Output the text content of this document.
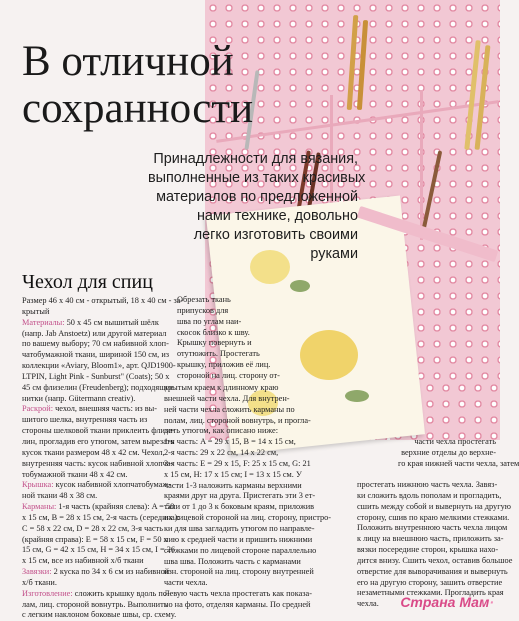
В отличной
сохранности
Принадлежности для вязания,
выполненные из таких красивых
материалов по предложенной
нами технике, довольно
легко изготовить своими
руками
Чехол для спиц
Размер 46 х 40 см - открытый, 18 х 40 см - за-
крытый
Материалы: 50 х 45 см вышитый шёлк
(напр. Jab Anstoetz) или другой материал
по вашему выбору; 70 см набивной хлоп-
чатобумажной ткани, шириной 150 см, из
коллекции «Aviary, Bloom1», арт. QJD1900-
LTPIN, Light Pink - Sunburst" (Coats); 50 х
45 см флизелин (Freudenberg); подходящие
нитки (напр. Gütermann creativ).
Раскрой: чехол, внешняя часть: из вы-
шитого шелка, внутренняя часть из
стороны шелковой ткани приклеить флизе-
лин, прогладив его утюгом, затем вырезать
кусок ткани размером 48 х 42 см. Чехол,
внутренняя часть: кусок набивной хлопча-
тобумажной ткани 48 х 42 см.
Крышка: кусок набивной хлопчатобумаж-
ной ткани 48 х 38 см.
Карманы: 1-я часть (крайняя слева): A = 58
х 15 см, B = 28 х 15 см, 2-я часть (середина):
C = 58 х 22 см, D = 28 х 22 см, 3-я часть
(крайняя справа): E = 58 х 15 см, F = 50 х
15 см, G = 42 х 15 см, H = 34 х 15 см, I = 26
х 15 см, все из набивной х/б ткани
Завязки: 2 куска по 34 х 6 см из набивной
х/б ткани.
Изготовление: сложить крышку вдоль по-
лам, лиц. стороной вовнутрь. Выполнить
с легким наклоном боковые швы, ср. схему.
Обрезать ткань
припусков для
шва по углам наи-
скосок близко к шву.
Крышку повернуть и
отутюжить. Простегать
крышку, приложив её лиц.
стороной на лиц. сторону от-
крытым краем к длинному краю
внешней части чехла. Для внутрен-
ней части чехла сложить карманы по
полам, лиц. стороной вовнутрь, и прогла-
дить утюгом, как описано ниже:
1-я часть: A = 29 х 15, B = 14 х 15 см,
2-я часть: 29 х 22 см, 14 х 22 см,
3-я часть: E = 29 х 15, F: 25 х 15 см, G: 21
х 15 см, H: 17 х 15 см; I = 13 х 15 см. У
части 1-3 наложить карманы верхними
краями друг на друга. Пристегать эти 3 ет-
тали от 1 до 3 к боковым краям, приложив
их лицевой стороной на лиц. сторону, пристро-
ки для шва загладить утюгом по направле-
нию к средней части и пришить нижними
стежками по лицевой стороне параллельно
шва шва. Положить часть с карманами
изн. стороной на лиц. сторону внутренней
части чехла.
Левую часть чехла простегать как показа-
но на фото, отделяя карманы. По средней
части чехла простегать
верхние отделы до верхне-
го края нижней части чехла, затем
простегать нижнюю часть чехла. Завяз-
ки сложить вдоль пополам и прогладить,
сшить между собой и вывернуть на другую
сторону, сшив по краю мелкими стежками.
Положить внутреннюю часть чехла лицом
к лицу на внешнюю часть, приложить за-
вязки посередине сторон, крышка нахо-
дится внизу. Сшить чехол, оставив большое
отверстие для выворачивания и вывернуть
его на другую сторону, зашить отверстие
незаметными стежками. Прогладить края
чехла.	Страна Мам·
